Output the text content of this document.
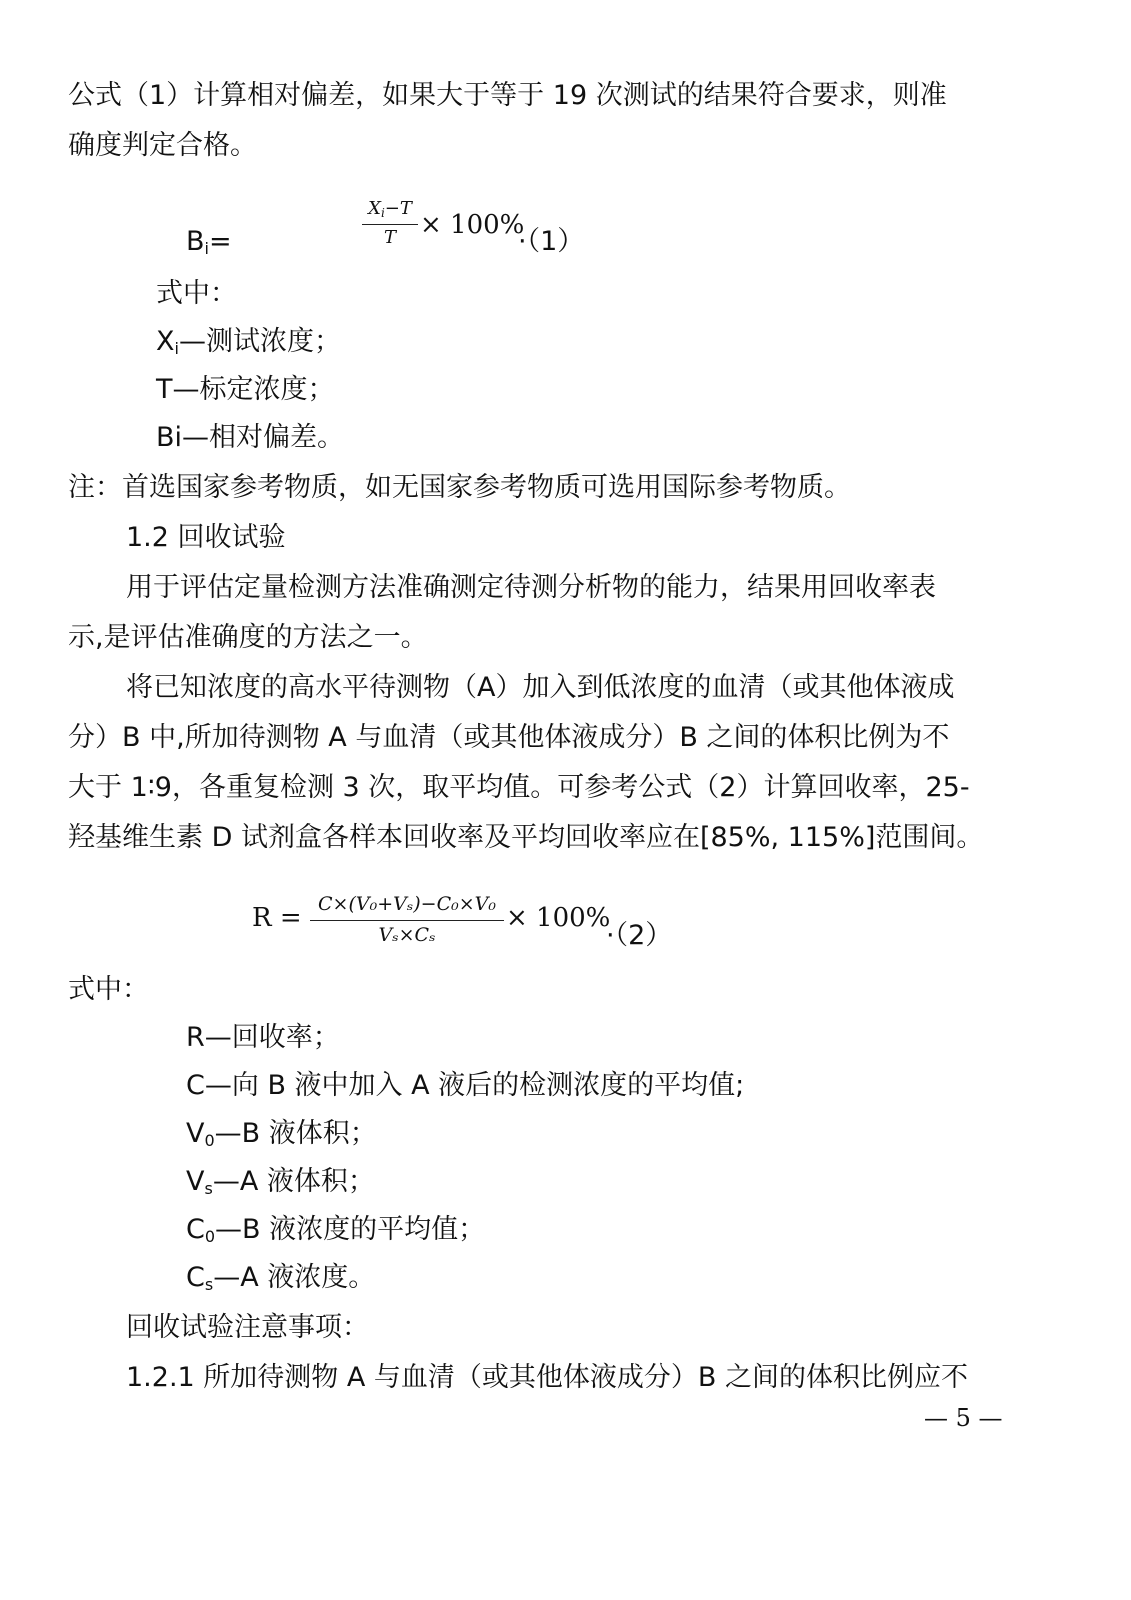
公式（1）计算相对偏差，如果大于等于 19 次测试的结果符合要求，则准
确度判定合格。
$B_i=$
Xi−T
T × 100%
·（1）
式中：
$X_i—$测试浓度；
T—标定浓度；
Bi—相对偏差。
注：首选国家参考物质，如无国家参考物质可选用国际参考物质。
1.2 回收试验
用于评估定量检测方法准确测定待测分析物的能力，结果用回收率表
示,是评估准确度的方法之一。
将已知浓度的高水平待测物（A）加入到低浓度的血清（或其他体液成
分）B 中,所加待测物 A 与血清（或其他体液成分）B 之间的体积比例为不
大于 1∶9，各重复检测 3 次，取平均值。可参考公式（2）计算回收率，25-
羟基维生素 D 试剂盒各样本回收率及平均回收率应在[85%, 115%]范围间。
R = C×(V₀+Vₛ)−C₀×V₀
Vₛ×Cₛ
× 100%
·（2）
式中：
R—回收率；
C—向 B 液中加入 A 液后的检测浓度的平均值;
$V_0—B$ 液体积；
$V_s—A$ 液体积；
$C_0—B$ 液浓度的平均值；
$C_s—A$ 液浓度。
回收试验注意事项：
1.2.1 所加待测物 A 与血清（或其他体液成分）B 之间的体积比例应不
— 5 —
